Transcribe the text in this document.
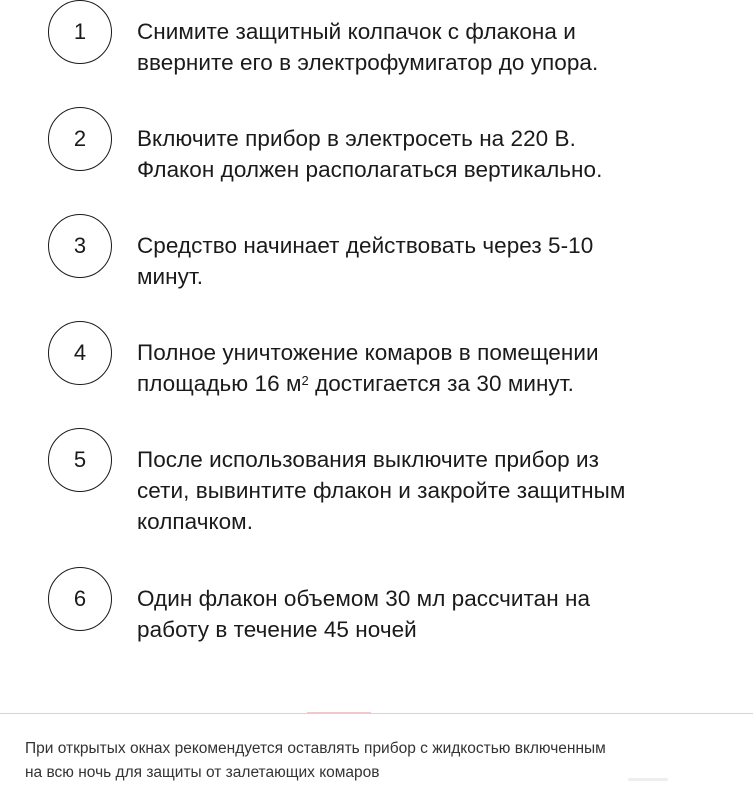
1	Снимите защитный колпачок с флакона и
вверните его в электрофумигатор до упора.
2	Включите прибор в электросеть на 220 В.
Флакон должен располагаться вертикально.
3	Средство начинает действовать через 5-10
минут.
4	Полное уничтожение комаров в помещении
площадью 16 $м^2$ достигается за 30 минут.
5	После использования выключите прибор из
сети, вывинтите флакон и закройте защитным
колпачком.
6	Один флакон объемом 30 мл рассчитан на
работу в течение 45 ночей
При открытых окнах рекомендуется оставлять прибор с жидкостью включенным
на всю ночь для защиты от залетающих комаров
